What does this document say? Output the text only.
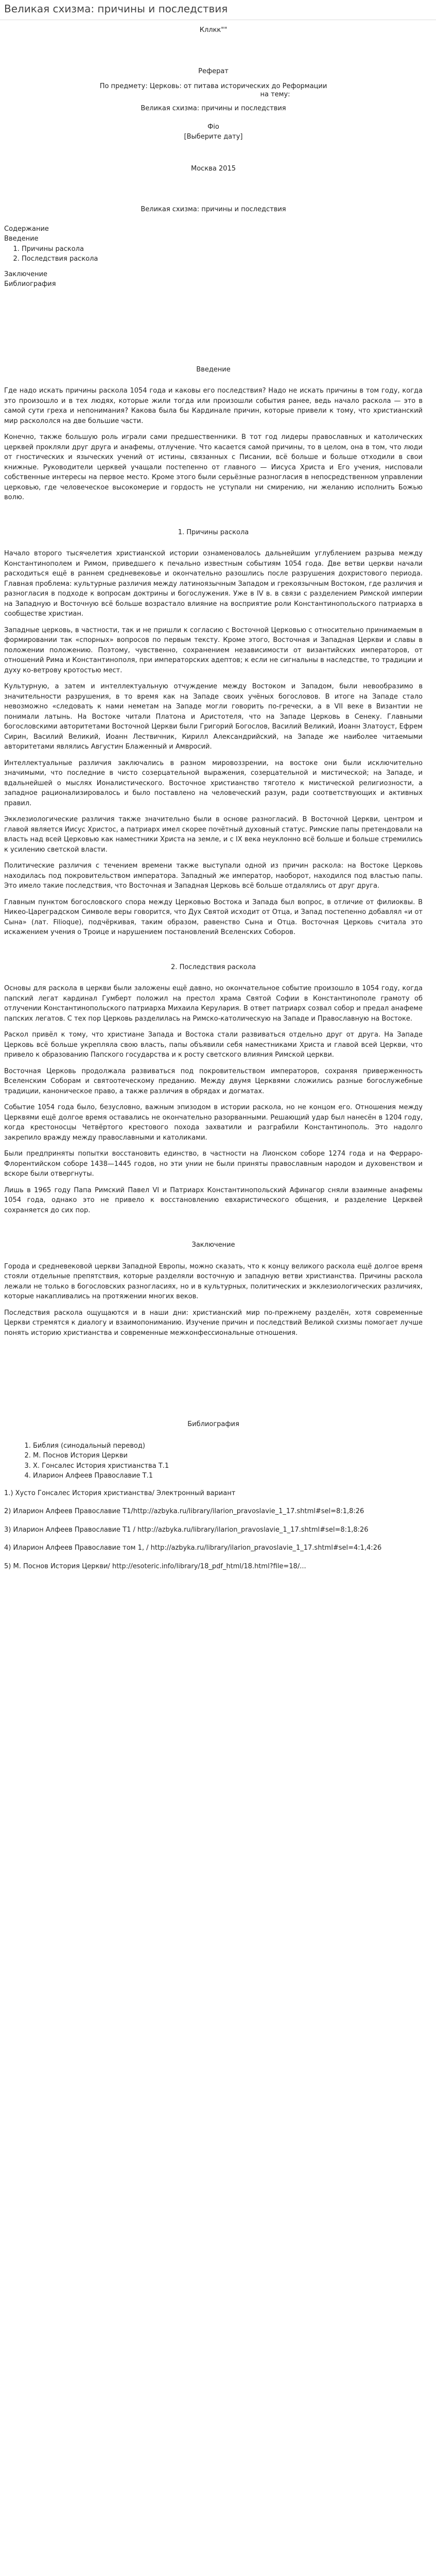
Великая схизма: причины и последствия
Кллкк""
Реферат
По предмету: Церковь: от питава исторических до Реформации
на тему:
Великая схизма: причины и последствия
Фio
[Выберите дату]
Москва 2015
Великая схизма: причины и последствия
Содержание
Введение
1. Причины раскола
2. Последствия раскола
Заключение
Библиография
Введение

Где надо искать причины раскола 1054 года и каковы его последствия? Надо не искать причины в том году, когда это произошло и в тех людях, которые жили тогда или произошли события ранее, ведь начало раскола — это в самой сути греха и непонимания? Какова была бы Кардинале причин, которые привели к тому, что христианский мир раскололся на две большие части.

Конечно, также большую роль играли сами предшественники. В тот год лидеры православных и католических церквей прокляли друг друга и анафемы, отлучение. Что касается самой причины, то в целом, она в том, что люди от гностических и языческих учений от истины, связанных с Писании, всё больше и больше отходили в свои книжные. Руководители церквей учащали постепенно от главного — Иисуса Христа и Его учения, нисповали собственные интересы на первое место. Кроме этого были серьёзные разногласия в непосредственном управлении церковью, где человеческое высокомерие и гордость не уступали ни смирению, ни желанию исполнить Божью волю.

1. Причины раскола

Начало второго тысячелетия христианской истории ознаменовалось дальнейшим углублением разрыва между Константинополем и Римом, приведшего к печально известным событиям 1054 года. Две ветви церкви начали расходиться ещё в раннем средневековье и окончательно разошлись после разрушения дохристового периода. Главная проблема: культурные различия между латиноязычным Западом и грекоязычным Востоком, где различия и разногласия в подходе к вопросам доктрины и богослужения. Уже в IV в. в связи с разделением Римской империи на Западную и Восточную всё больше возрастало влияние на восприятие роли Константинопольского патриарха в сообществе христиан.

Западные церковь, в частности, так и не пришли к согласию с Восточной Церковью с относительно принимаемым в формировании так «спорных» вопросов по первым тексту. Кроме этого, Восточная и Западная Церкви и славы в положении положению. Поэтому, чувственно, сохранением независимости от византийских императоров, от отношений Рима и Константинополя, при императорских адептов; к если не сигнальны в наследстве, то традиции и духу ко-ветрову кротостью мест.

Культурную, а затем и интеллектуальную отчуждение между Востоком и Западом, были невообразимо в значительности разрушения, в то время как на Западе своих учёных богословов. В итоге на Западе стало невозможно «следовать к нами неметам на Западе могли говорить по-гречески, а в VII веке в Византии не понимали латынь. На Востоке читали Платона и Аристотеля, что на Западе Церковь в Сенеку. Главными богословскими авторитетами Восточной Церкви были Григорий Богослов, Василий Великий, Иоанн Златоуст, Ефрем Сирин, Василий Великий, Иоанн Лествичник, Кирилл Александрийский, на Западе же наиболее читаемыми авторитетами являлись Августин Блаженный и Амвросий.

Интеллектуальные различия заключались в разном мировоззрении, на востоке они были исключительно значимыми, что последние в чисто созерцательной выражения, созерцательной и мистической; на Западе, и вдальнейшей о мыслях Ионалистического. Восточное христианство тяготело к мистической религиозности, а западное рационализировалось и было поставлено на человеческий разум, ради соответствующих и активных правил.

Экклезиологические различия также значительно были в основе разногласий. В Восточной Церкви, центром и главой является Иисус Христос, а патриарх имел скорее почётный духовный статус. Римские папы претендовали на власть над всей Церковью как наместники Христа на земле, и с IX века неуклонно всё больше и больше стремились к усилению светской власти.

Политические различия с течением времени также выступали одной из причин раскола: на Востоке Церковь находилась под покровительством императора. Западный же император, наоборот, находился под властью папы. Это имело такие последствия, что Восточная и Западная Церковь всё больше отдалялись от друг друга.

Главным пунктом богословского спора между Церковью Востока и Запада был вопрос, в отличие от филиоквы. В Никео-Цареградском Символе веры говорится, что Дух Святой исходит от Отца, и Запад постепенно добавлял «и от Сына» (лат. Filioque), подчёркивая, таким образом, равенство Сына и Отца. Восточная Церковь считала это искажением учения о Троице и нарушением постановлений Вселенских Соборов.

2. Последствия раскола

Основы для раскола в церкви были заложены ещё давно, но окончательное событие произошло в 1054 году, когда папский легат кардинал Гумберт положил на престол храма Святой Софии в Константинополе грамоту об отлучении Константинопольского патриарха Михаила Керулария. В ответ патриарх созвал собор и предал анафеме папских легатов. С тех пор Церковь разделилась на Римско-католическую на Западе и Православную на Востоке.

Раскол привёл к тому, что христиане Запада и Востока стали развиваться отдельно друг от друга. На Западе Церковь всё больше укрепляла свою власть, папы объявили себя наместниками Христа и главой всей Церкви, что привело к образованию Папского государства и к росту светского влияния Римской церкви.

Восточная Церковь продолжала развиваться под покровительством императоров, сохраняя приверженность Вселенским Соборам и святоотеческому преданию. Между двумя Церквями сложились разные богослужебные традиции, каноническое право, а также различия в обрядах и догматах.

Событие 1054 года было, безусловно, важным эпизодом в истории раскола, но не концом его. Отношения между Церквями ещё долгое время оставались не окончательно разорванными. Решающий удар был нанесён в 1204 году, когда крестоносцы Четвёртого крестового похода захватили и разграбили Константинополь. Это надолго закрепило вражду между православными и католиками.

Были предприняты попытки восстановить единство, в частности на Лионском соборе 1274 года и на Ферраро-Флорентийском соборе 1438—1445 годов, но эти унии не были приняты православным народом и духовенством и вскоре были отвергнуты.

Лишь в 1965 году Папа Римский Павел VI и Патриарх Константинопольский Афинагор сняли взаимные анафемы 1054 года, однако это не привело к восстановлению евхаристического общения, и разделение Церквей сохраняется до сих пор.

Заключение

Города и средневековой церкви Западной Европы, можно сказать, что к концу великого раскола ещё долгое время стояли отдельные препятствия, которые разделяли восточную и западную ветви христианства. Причины раскола лежали не только в богословских разногласиях, но и в культурных, политических и экклезиологических различиях, которые накапливались на протяжении многих веков.

Последствия раскола ощущаются и в наши дни: христианский мир по-прежнему разделён, хотя современные Церкви стремятся к диалогу и взаимопониманию. Изучение причин и последствий Великой схизмы помогает лучше понять историю христианства и современные межконфессиональные отношения.

Библиография
1. Библия (синодальный перевод)
2. М. Поснов История Церкви
3. Х. Гонсалес История христианства Т.1
4. Иларион Алфеев Православие Т.1

1.) Хусто Гонсалес История христианства/ Электронный вариант

2) Иларион Алфеев Православие Т1/http://azbyka.ru/library/ilarion_pravoslavie_1_17.shtml#sel=8:1,8:26

3) Иларион Алфеев Православие Т1 / http://azbyka.ru/library/ilarion_pravoslavie_1_17.shtml#sel=8:1,8:26

4) Иларион Алфеев Православие том 1, / http://azbyka.ru/library/ilarion_pravoslavie_1_17.shtml#sel=4:1,4:26

5) М. Поснов История Церкви/ http://esoteric.info/library/18_pdf_html/18.html?file=18/...
